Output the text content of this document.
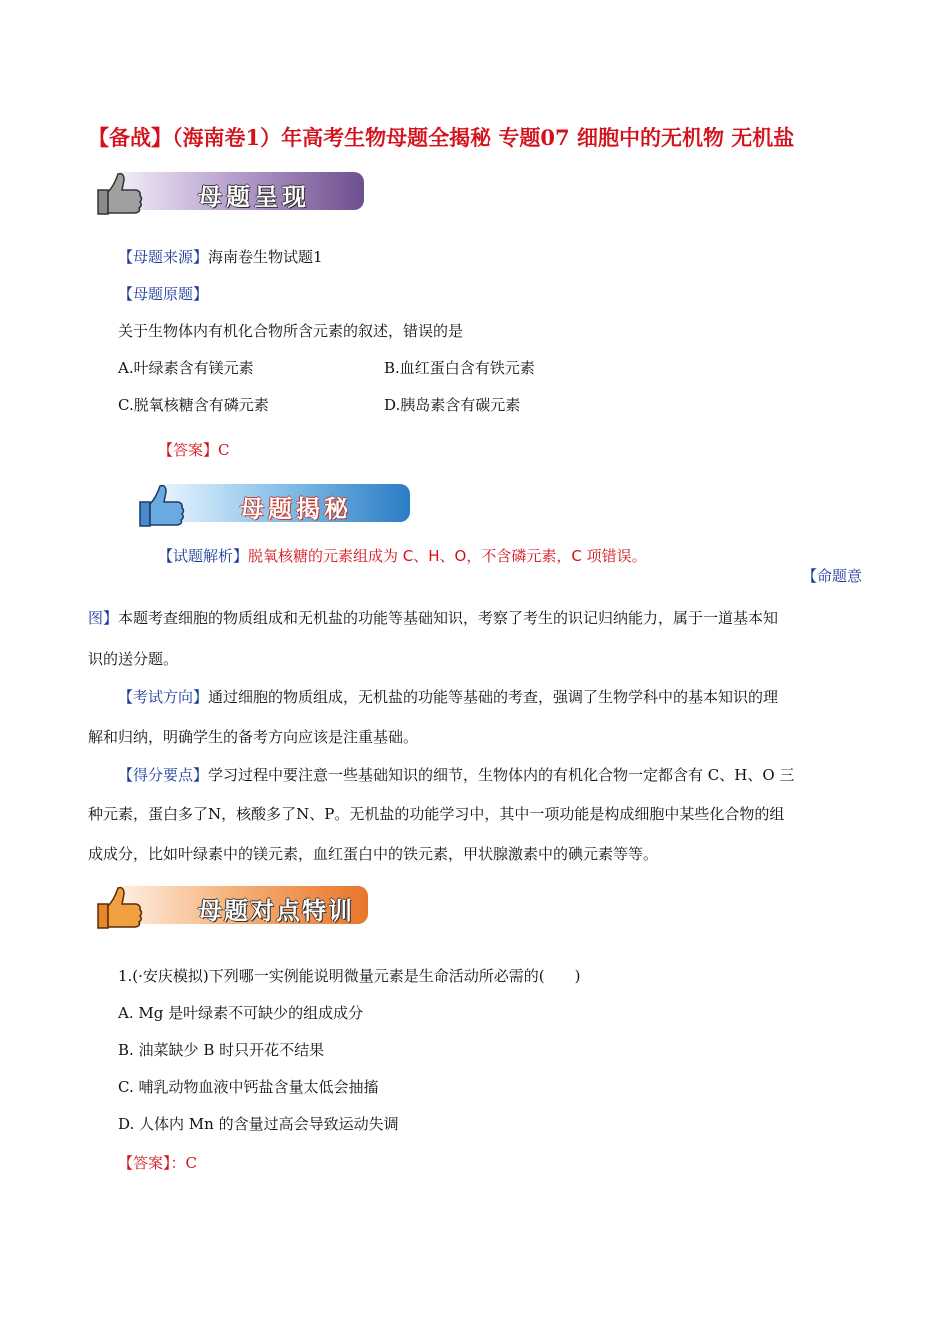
【备战】（海南卷1）年高考生物母题全揭秘 专题07 细胞中的无机物 无机盐
母题呈现
【母题来源】海南卷生物试题1
【母题原题】
关于生物体内有机化合物所含元素的叙述，错误的是
A.叶绿素含有镁元素	B.血红蛋白含有铁元素
C.脱氧核糖含有磷元素	D.胰岛素含有碳元素
【答案】C
母题揭秘
【试题解析】脱氧核糖的元素组成为 C、H、O，不含磷元素，C 项错误。
【命题意
图】本题考查细胞的物质组成和无机盐的功能等基础知识，考察了考生的识记归纳能力，属于一道基本知
识的送分题。
【考试方向】通过细胞的物质组成，无机盐的功能等基础的考查，强调了生物学科中的基本知识的理
解和归纳，明确学生的备考方向应该是注重基础。
【得分要点】学习过程中要注意一些基础知识的细节，生物体内的有机化合物一定都含有 C、H、O 三
种元素，蛋白多了N，核酸多了N、P。无机盐的功能学习中，其中一项功能是构成细胞中某些化合物的组
成成分，比如叶绿素中的镁元素，血红蛋白中的铁元素，甲状腺激素中的碘元素等等。
母题对点特训
1.(·安庆模拟)下列哪一实例能说明微量元素是生命活动所必需的(　　)
A. Mg 是叶绿素不可缺少的组成成分
B. 油菜缺少 B 时只开花不结果
C. 哺乳动物血液中钙盐含量太低会抽搐
D. 人体内 Mn 的含量过高会导致运动失调
【答案】：C
